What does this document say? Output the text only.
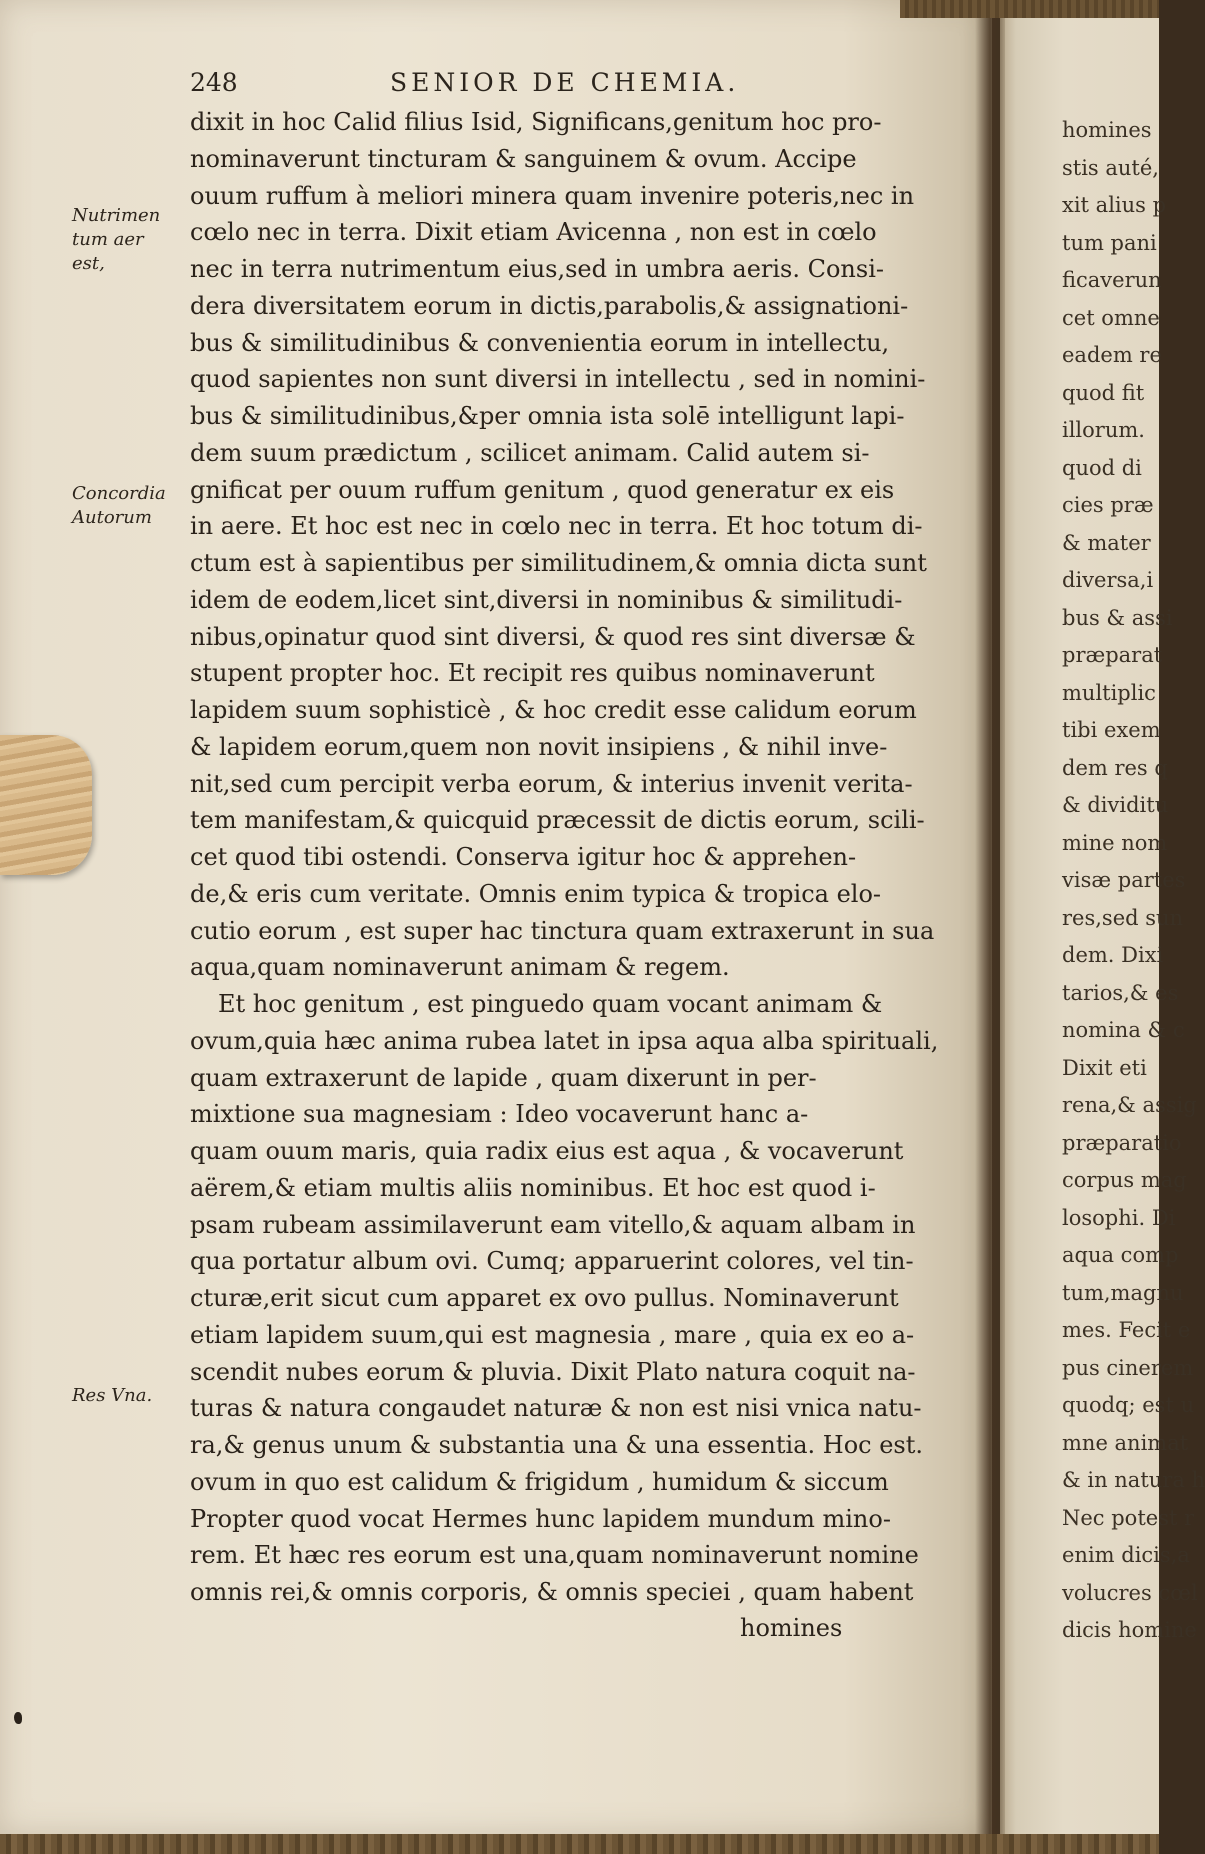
248	SENIOR DE CHEMIA.
Nutrimen
tum aer
est,
Concordia
Autorum
Res Vna.
dixit in hoc Calid filius Isid, Significans,genitum hoc pro-
nominaverunt tincturam & sanguinem & ovum. Accipe
ouum ruffum à meliori minera quam invenire poteris,nec in
cœlo nec in terra. Dixit etiam Avicenna , non est in cœlo
nec in terra nutrimentum eius,sed in umbra aeris. Consi-
dera diversitatem eorum in dictis,parabolis,& assignationi-
bus & similitudinibus & convenientia eorum in intellectu,
quod sapientes non sunt diversi in intellectu , sed in nomini-
bus & similitudinibus,&per omnia ista solē intelligunt lapi-
dem suum prædictum , scilicet animam. Calid autem si-
gnificat per ouum ruffum genitum , quod generatur ex eis
in aere. Et hoc est nec in cœlo nec in terra. Et hoc totum di-
ctum est à sapientibus per similitudinem,& omnia dicta sunt
idem de eodem,licet sint,diversi in nominibus & similitudi-
nibus,opinatur quod sint diversi, & quod res sint diversæ &
stupent propter hoc. Et recipit res quibus nominaverunt
lapidem suum sophisticè , & hoc credit esse calidum eorum
& lapidem eorum,quem non novit insipiens , & nihil inve-
nit,sed cum percipit verba eorum, & interius invenit verita-
tem manifestam,& quicquid præcessit de dictis eorum, scili-
cet quod tibi ostendi. Conserva igitur hoc & apprehen-
de,& eris cum veritate. Omnis enim typica & tropica elo-
cutio eorum , est super hac tinctura quam extraxerunt in sua
aqua,quam nominaverunt animam & regem.
Et hoc genitum , est pinguedo quam vocant animam &
ovum,quia hæc anima rubea latet in ipsa aqua alba spirituali,
quam extraxerunt de lapide , quam dixerunt in per-
mixtione sua magnesiam : Ideo vocaverunt hanc a-
quam ouum maris, quia radix eius est aqua , & vocaverunt
aërem,& etiam multis aliis nominibus. Et hoc est quod i-
psam rubeam assimilaverunt eam vitello,& aquam albam in
qua portatur album ovi. Cumq; apparuerint colores, vel tin-
cturæ,erit sicut cum apparet ex ovo pullus. Nominaverunt
etiam lapidem suum,qui est magnesia , mare , quia ex eo a-
scendit nubes eorum & pluvia. Dixit Plato natura coquit na-
turas & natura congaudet naturæ & non est nisi vnica natu-
ra,& genus unum & substantia una & una essentia. Hoc est.
ovum in quo est calidum & frigidum , humidum & siccum
Propter quod vocat Hermes hunc lapidem mundum mino-
rem. Et hæc res eorum est una,quam nominaverunt nomine
omnis rei,& omnis corporis, & omnis speciei , quam habent
homines
homines
stis auté,
xit alius p
tum pani
ficaverun
cet omne
eadem re
quod fit
illorum.
quod di
cies præ
& mater
diversa,i
bus & assi
præparat
multiplic
tibi exem
dem res q
& dividitu
mine nom
visæ partes
res,sed sun
dem. Dixi
tarios,& es
nomina & c
Dixit eti
rena,& assig
præparatio
corpus mag
losophi. Di
aqua comp
tum,magnu
mes. Fecit e
pus cinerem
quodq; est u
mne animat
& in natura h
Nec potest r
enim dicis,a
volucres cœl
dicis homine
